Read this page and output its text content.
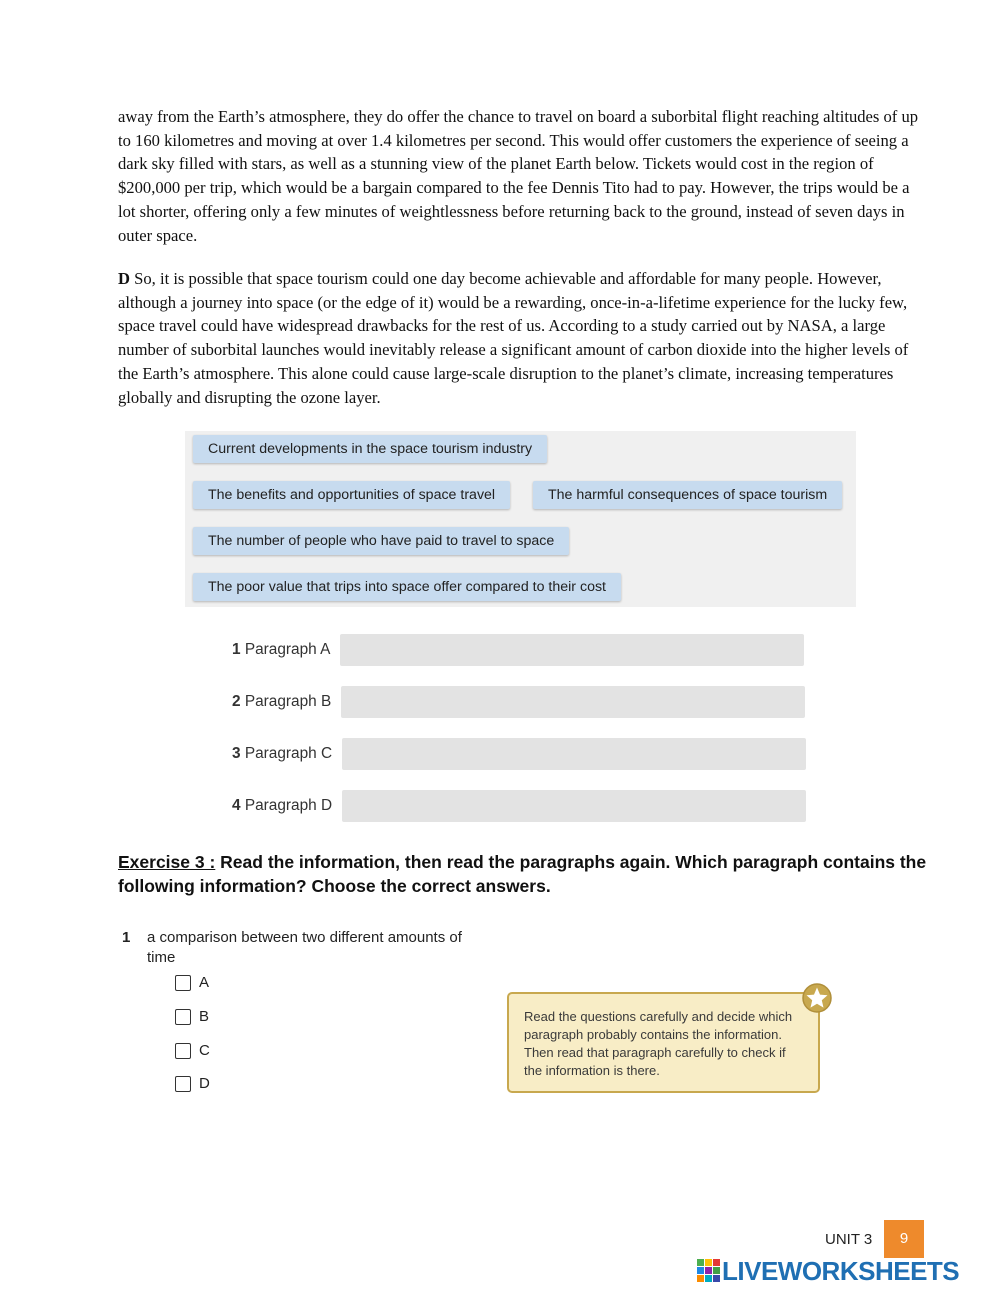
away from the Earth’s atmosphere, they do offer the chance to travel on board a suborbital flight reaching altitudes of up to 160 kilometres and moving at over 1.4 kilometres per second. This would offer customers the experience of seeing a dark sky filled with stars, as well as a stunning view of the planet Earth below. Tickets would cost in the region of $200,000 per trip, which would be a bargain compared to the fee Dennis Tito had to pay. However, the trips would be a lot shorter, offering only a few minutes of weightlessness before returning back to the ground, instead of seven days in outer space.

D So, it is possible that space tourism could one day become achievable and affordable for many people. However, although a journey into space (or the edge of it) would be a rewarding, once-in-a-lifetime experience for the lucky few, space travel could have widespread drawbacks for the rest of us. According to a study carried out by NASA, a large number of suborbital launches would inevitably release a significant amount of carbon dioxide into the higher levels of the Earth’s atmosphere. This alone could cause large-scale disruption to the planet’s climate, increasing temperatures globally and disrupting the ozone layer.

Current developments in the space tourism industry
The benefits and opportunities of space travel	The harmful consequences of space tourism
The number of people who have paid to travel to space
The poor value that trips into space offer compared to their cost
1 Paragraph A
2 Paragraph B
3 Paragraph C
4 Paragraph D

Exercise 3 : Read the information, then read the paragraphs again. Which paragraph contains the following information? Choose the correct answers.

1 a comparison between two different amounts of time
A
B
C
D
Read the questions carefully and decide which paragraph probably contains the information. Then read that paragraph carefully to check if the information is there.
UNIT 3	9
LIVEWORKSHEETS
